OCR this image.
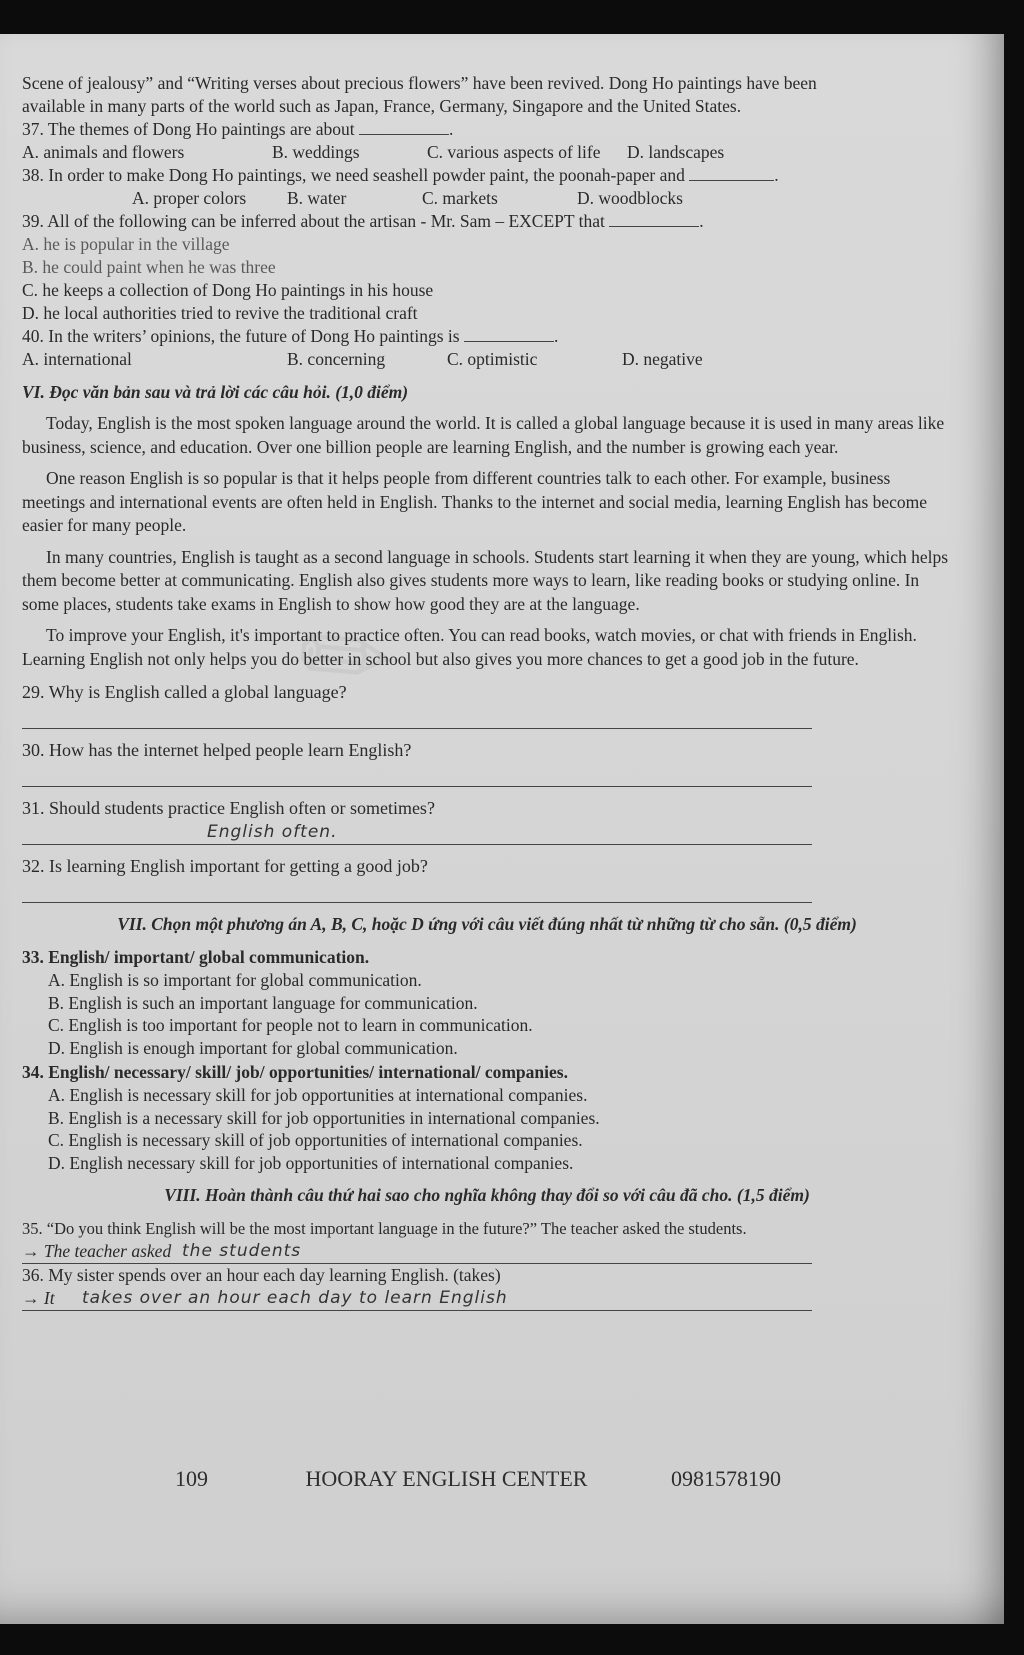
✎
Scene of jealousy” and “Writing verses about precious flowers” have been revived. Dong Ho paintings have been
available in many parts of the world such as Japan, France, Germany, Singapore and the United States.
37. The themes of Dong Ho paintings are about	.
A. animals and flowers	B. weddings	C. various aspects of life	D. landscapes
38. In order to make Dong Ho paintings, we need seashell powder paint, the poonah-paper and	.
A. proper colors	B. water	C. markets	D. woodblocks
39. All of the following can be inferred about the artisan - Mr. Sam – EXCEPT that	.
A. he is popular in the village
B. he could paint when he was three
C. he keeps a collection of Dong Ho paintings in his house
D. he local authorities tried to revive the traditional craft
40. In the writers’ opinions, the future of Dong Ho paintings is	.
A. international	B. concerning	C. optimistic	D. negative
VI. Đọc văn bản sau và trả lời các câu hỏi. (1,0 điểm)

Today, English is the most spoken language around the world. It is called a global language because it is used in many areas like business, science, and education. Over one billion people are learning English, and the number is growing each year.

One reason English is so popular is that it helps people from different countries talk to each other. For example, business meetings and international events are often held in English. Thanks to the internet and social media, learning English has become easier for many people.

In many countries, English is taught as a second language in schools. Students start learning it when they are young, which helps them become better at communicating. English also gives students more ways to learn, like reading books or studying online. In some places, students take exams in English to show how good they are at the language.

To improve your English, it's important to practice often. You can read books, watch movies, or chat with friends in English. Learning English not only helps you do better in school but also gives you more chances to get a good job in the future.

29. Why is English called a global language?
30. How has the internet helped people learn English?
31. Should students practice English often or sometimes?
English often.
32. Is learning English important for getting a good job?
VII. Chọn một phương án A, B, C, hoặc D ứng với câu viết đúng nhất từ những từ cho sẵn. (0,5 điểm)
33. English/ important/ global communication.
A. English is so important for global communication.
B. English is such an important language for communication.
C. English is too important for people not to learn in communication.
D. English is enough important for global communication.
34. English/ necessary/ skill/ job/ opportunities/ international/ companies.
A. English is necessary skill for job opportunities at international companies.
B. English is a necessary skill for job opportunities in international companies.
C. English is necessary skill of job opportunities of international companies.
D. English necessary skill for job opportunities of international companies.
VIII. Hoàn thành câu thứ hai sao cho nghĩa không thay đổi so với câu đã cho. (1,5 điểm)
35. “Do you think English will be the most important language in the future?” The teacher asked the students.
→ The teacher asked the students
36. My sister spends over an hour each day learning English. (takes)
→ It takes over an hour each day to learn English
109	HOORAY ENGLISH CENTER	0981578190
